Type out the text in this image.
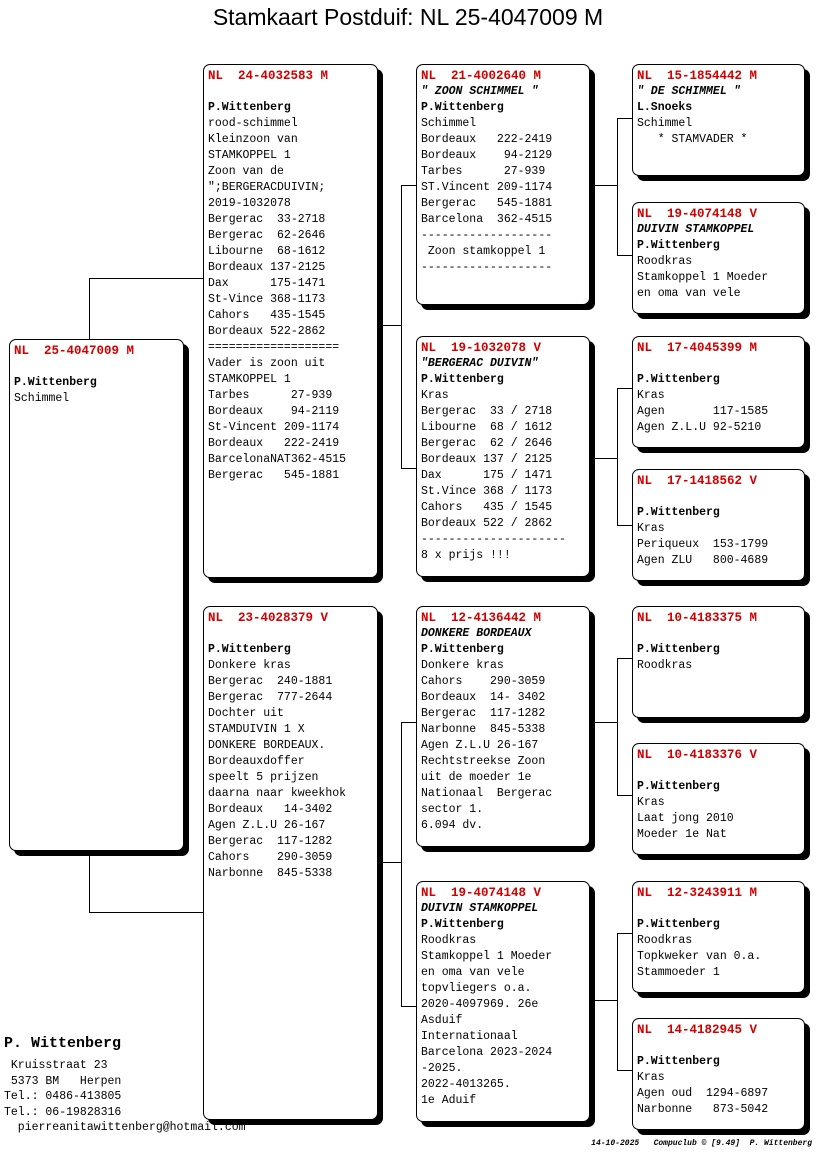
Stamkaart Postduif: NL 25-4047009 M
NL  25-4047009 M
P.Wittenberg
Schimmel
NL  24-4032583 M
P.Wittenberg
rood-schimmel
Kleinzoon van
STAMKOPPEL 1
Zoon van de
";BERGERACDUIVIN;
2019-1032078
Bergerac  33-2718
Bergerac  62-2646
Libourne  68-1612
Bordeaux 137-2125
Dax      175-1471
St-Vince 368-1173
Cahors   435-1545
Bordeaux 522-2862
===================
Vader is zoon uit
STAMKOPPEL 1
Tarbes      27-939
Bordeaux    94-2119
St-Vincent 209-1174
Bordeaux   222-2419
BarcelonaNAT362-4515
Bergerac   545-1881
NL  23-4028379 V
P.Wittenberg
Donkere kras
Bergerac  240-1881
Bergerac  777-2644
Dochter uit
STAMDUIVIN 1 X
DONKERE BORDEAUX.
Bordeauxdoffer
speelt 5 prijzen
daarna naar kweekhok
Bordeaux   14-3402
Agen Z.L.U 26-167
Bergerac  117-1282
Cahors    290-3059
Narbonne  845-5338
NL  21-4002640 M
" ZOON SCHIMMEL "
P.Wittenberg
Schimmel
Bordeaux   222-2419
Bordeaux    94-2129
Tarbes      27-939
ST.Vincent 209-1174
Bergerac   545-1881
Barcelona  362-4515
-------------------
Zoon stamkoppel 1
-------------------
NL  19-1032078 V
"BERGERAC DUIVIN"
P.Wittenberg
Kras
Bergerac  33 / 2718
Libourne  68 / 1612
Bergerac  62 / 2646
Bordeaux 137 / 2125
Dax      175 / 1471
St.Vince 368 / 1173
Cahors   435 / 1545
Bordeaux 522 / 2862
---------------------
8 x prijs !!!
NL  12-4136442 M
DONKERE BORDEAUX
P.Wittenberg
Donkere kras
Cahors    290-3059
Bordeaux  14- 3402
Bergerac  117-1282
Narbonne  845-5338
Agen Z.L.U 26-167
Rechtstreekse Zoon
uit de moeder 1e
Nationaal  Bergerac
sector 1.
6.094 dv.
NL  19-4074148 V
DUIVIN STAMKOPPEL
P.Wittenberg
Roodkras
Stamkoppel 1 Moeder
en oma van vele
topvliegers o.a.
2020-4097969. 26e
Asduif
Internationaal
Barcelona 2023-2024
-2025.
2022-4013265.
1e Aduif
NL  15-1854442 M
" DE SCHIMMEL "
L.Snoeks
Schimmel
* STAMVADER *
NL  19-4074148 V
DUIVIN STAMKOPPEL
P.Wittenberg
Roodkras
Stamkoppel 1 Moeder
en oma van vele
NL  17-4045399 M
P.Wittenberg
Kras
Agen       117-1585
Agen Z.L.U 92-5210
NL  17-1418562 V
P.Wittenberg
Kras
Periqueux  153-1799
Agen ZLU   800-4689
NL  10-4183375 M
P.Wittenberg
Roodkras
NL  10-4183376 V
P.Wittenberg
Kras
Laat jong 2010
Moeder 1e Nat
NL  12-3243911 M
P.Wittenberg
Roodkras
Topkweker van 0.a.
Stammoeder 1
NL  14-4182945 V
P.Wittenberg
Kras
Agen oud  1294-6897
Narbonne   873-5042
P. Wittenberg
Kruisstraat 23
5373 BM   Herpen
Tel.: 0486-413805
Tel.: 06-19828316
pierreanitawittenberg@hotmail.com
14-10-2025   Compuclub © [9.49]  P. Wittenberg
